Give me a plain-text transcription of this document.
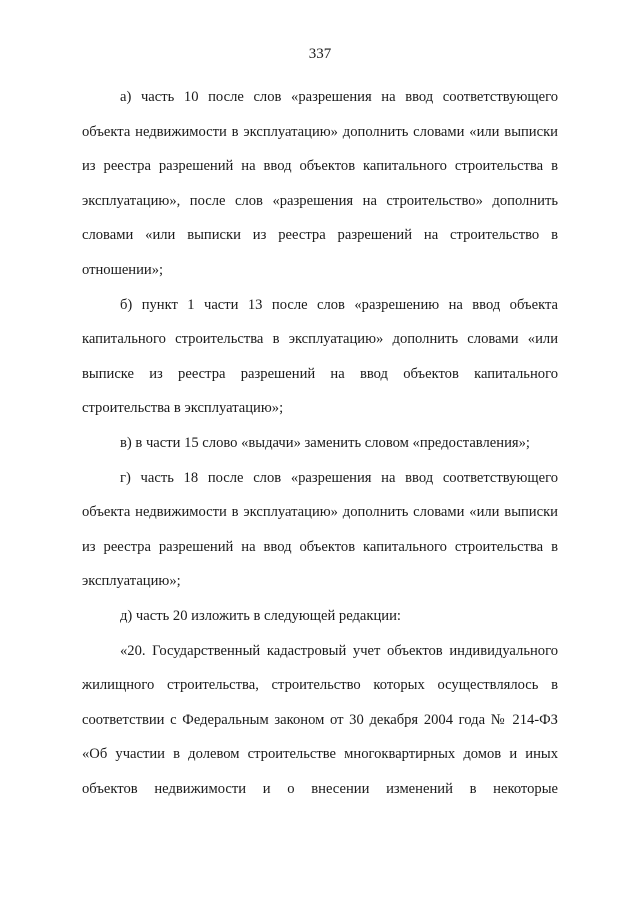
337

а) часть 10 после слов «разрешения на ввод соответствующего объекта недвижимости в эксплуатацию» дополнить словами «или выписки из реестра разрешений на ввод объектов капитального строительства в эксплуатацию», после слов «разрешения на строительство» дополнить словами «или выписки из реестра разрешений на строительство в отношении»;

б) пункт 1 части 13 после слов «разрешению на ввод объекта капитального строительства в эксплуатацию» дополнить словами «или выписке из реестра разрешений на ввод объектов капитального строительства в эксплуатацию»;

в) в части 15 слово «выдачи» заменить словом «предоставления»;

г) часть 18 после слов «разрешения на ввод соответствующего объекта недвижимости в эксплуатацию» дополнить словами «или выписки из реестра разрешений на ввод объектов капитального строительства в эксплуатацию»;

д) часть 20 изложить в следующей редакции:

«20. Государственный кадастровый учет объектов индивидуального жилищного строительства, строительство которых осуществлялось в соответствии с Федеральным законом от 30 декабря 2004 года № 214-ФЗ «Об участии в долевом строительстве многоквартирных домов и иных объектов недвижимости и о внесении изменений в некоторые
